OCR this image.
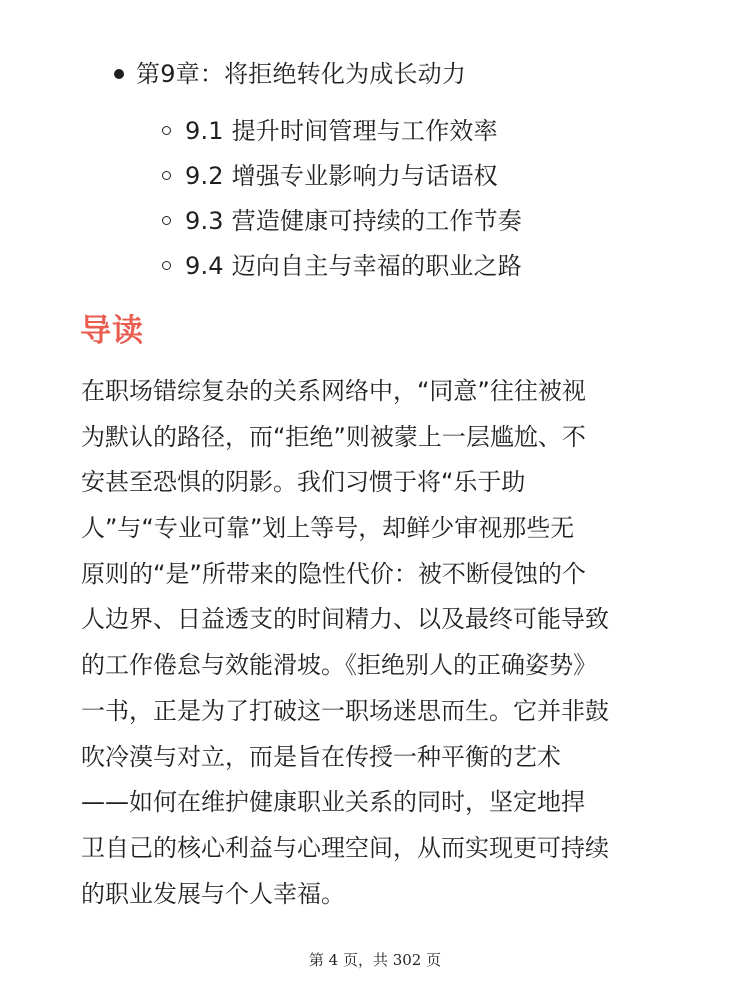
第9章：将拒绝转化为成长动力
9.1 提升时间管理与工作效率
9.2 增强专业影响力与话语权
9.3 营造健康可持续的工作节奏
9.4 迈向自主与幸福的职业之路
导读
在职场错综复杂的关系网络中，“同意”往往被视
为默认的路径，而“拒绝”则被蒙上一层尴尬、不
安甚至恐惧的阴影。我们习惯于将“乐于助
人”与“专业可靠”划上等号，却鲜少审视那些无
原则的“是”所带来的隐性代价：被不断侵蚀的个
人边界、日益透支的时间精力、以及最终可能导致
的工作倦怠与效能滑坡。《拒绝别人的正确姿势》
一书，正是为了打破这一职场迷思而生。它并非鼓
吹冷漠与对立，而是旨在传授一种平衡的艺术
——如何在维护健康职业关系的同时，坚定地捍
卫自己的核心利益与心理空间，从而实现更可持续
的职业发展与个人幸福。
第 4 页，共 302 页
